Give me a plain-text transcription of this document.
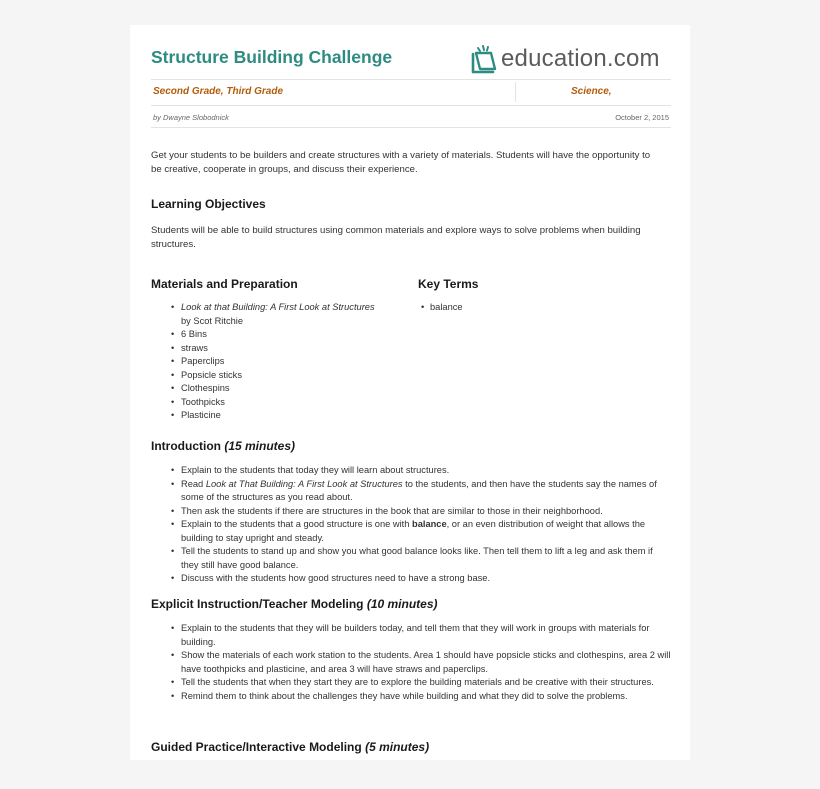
Structure Building Challenge	education.com
Second Grade, Third Grade	Science,
by Dwayne Slobodnick	October 2, 2015
Get your students to be builders and create structures with a variety of materials. Students will have the opportunity to be creative, cooperate in groups, and discuss their experience.
Learning Objectives
Students will be able to build structures using common materials and explore ways to solve problems when building structures.
Materials and Preparation	Key Terms
• Look at that Building: A First Look at Structures
by Scot Ritchie
• 6 Bins
• straws
• Paperclips
• Popsicle sticks
• Clothespins
• Toothpicks
• Plasticine
• balance
Introduction (15 minutes)
• Explain to the students that today they will learn about structures.
• Read Look at That Building: A First Look at Structures to the students, and then have the students say the names of some of the structures as you read about.
• Then ask the students if there are structures in the book that are similar to those in their neighborhood.
• Explain to the students that a good structure is one with balance, or an even distribution of weight that allows the building to stay upright and steady.
• Tell the students to stand up and show you what good balance looks like. Then tell them to lift a leg and ask them if they still have good balance.
• Discuss with the students how good structures need to have a strong base.
Explicit Instruction/Teacher Modeling (10 minutes)
• Explain to the students that they will be builders today, and tell them that they will work in groups with materials for building.
• Show the materials of each work station to the students. Area 1 should have popsicle sticks and clothespins, area 2 will have toothpicks and plasticine, and area 3 will have straws and paperclips.
• Tell the students that when they start they are to explore the building materials and be creative with their structures.
• Remind them to think about the challenges they have while building and what they did to solve the problems.
Guided Practice/Interactive Modeling (5 minutes)
